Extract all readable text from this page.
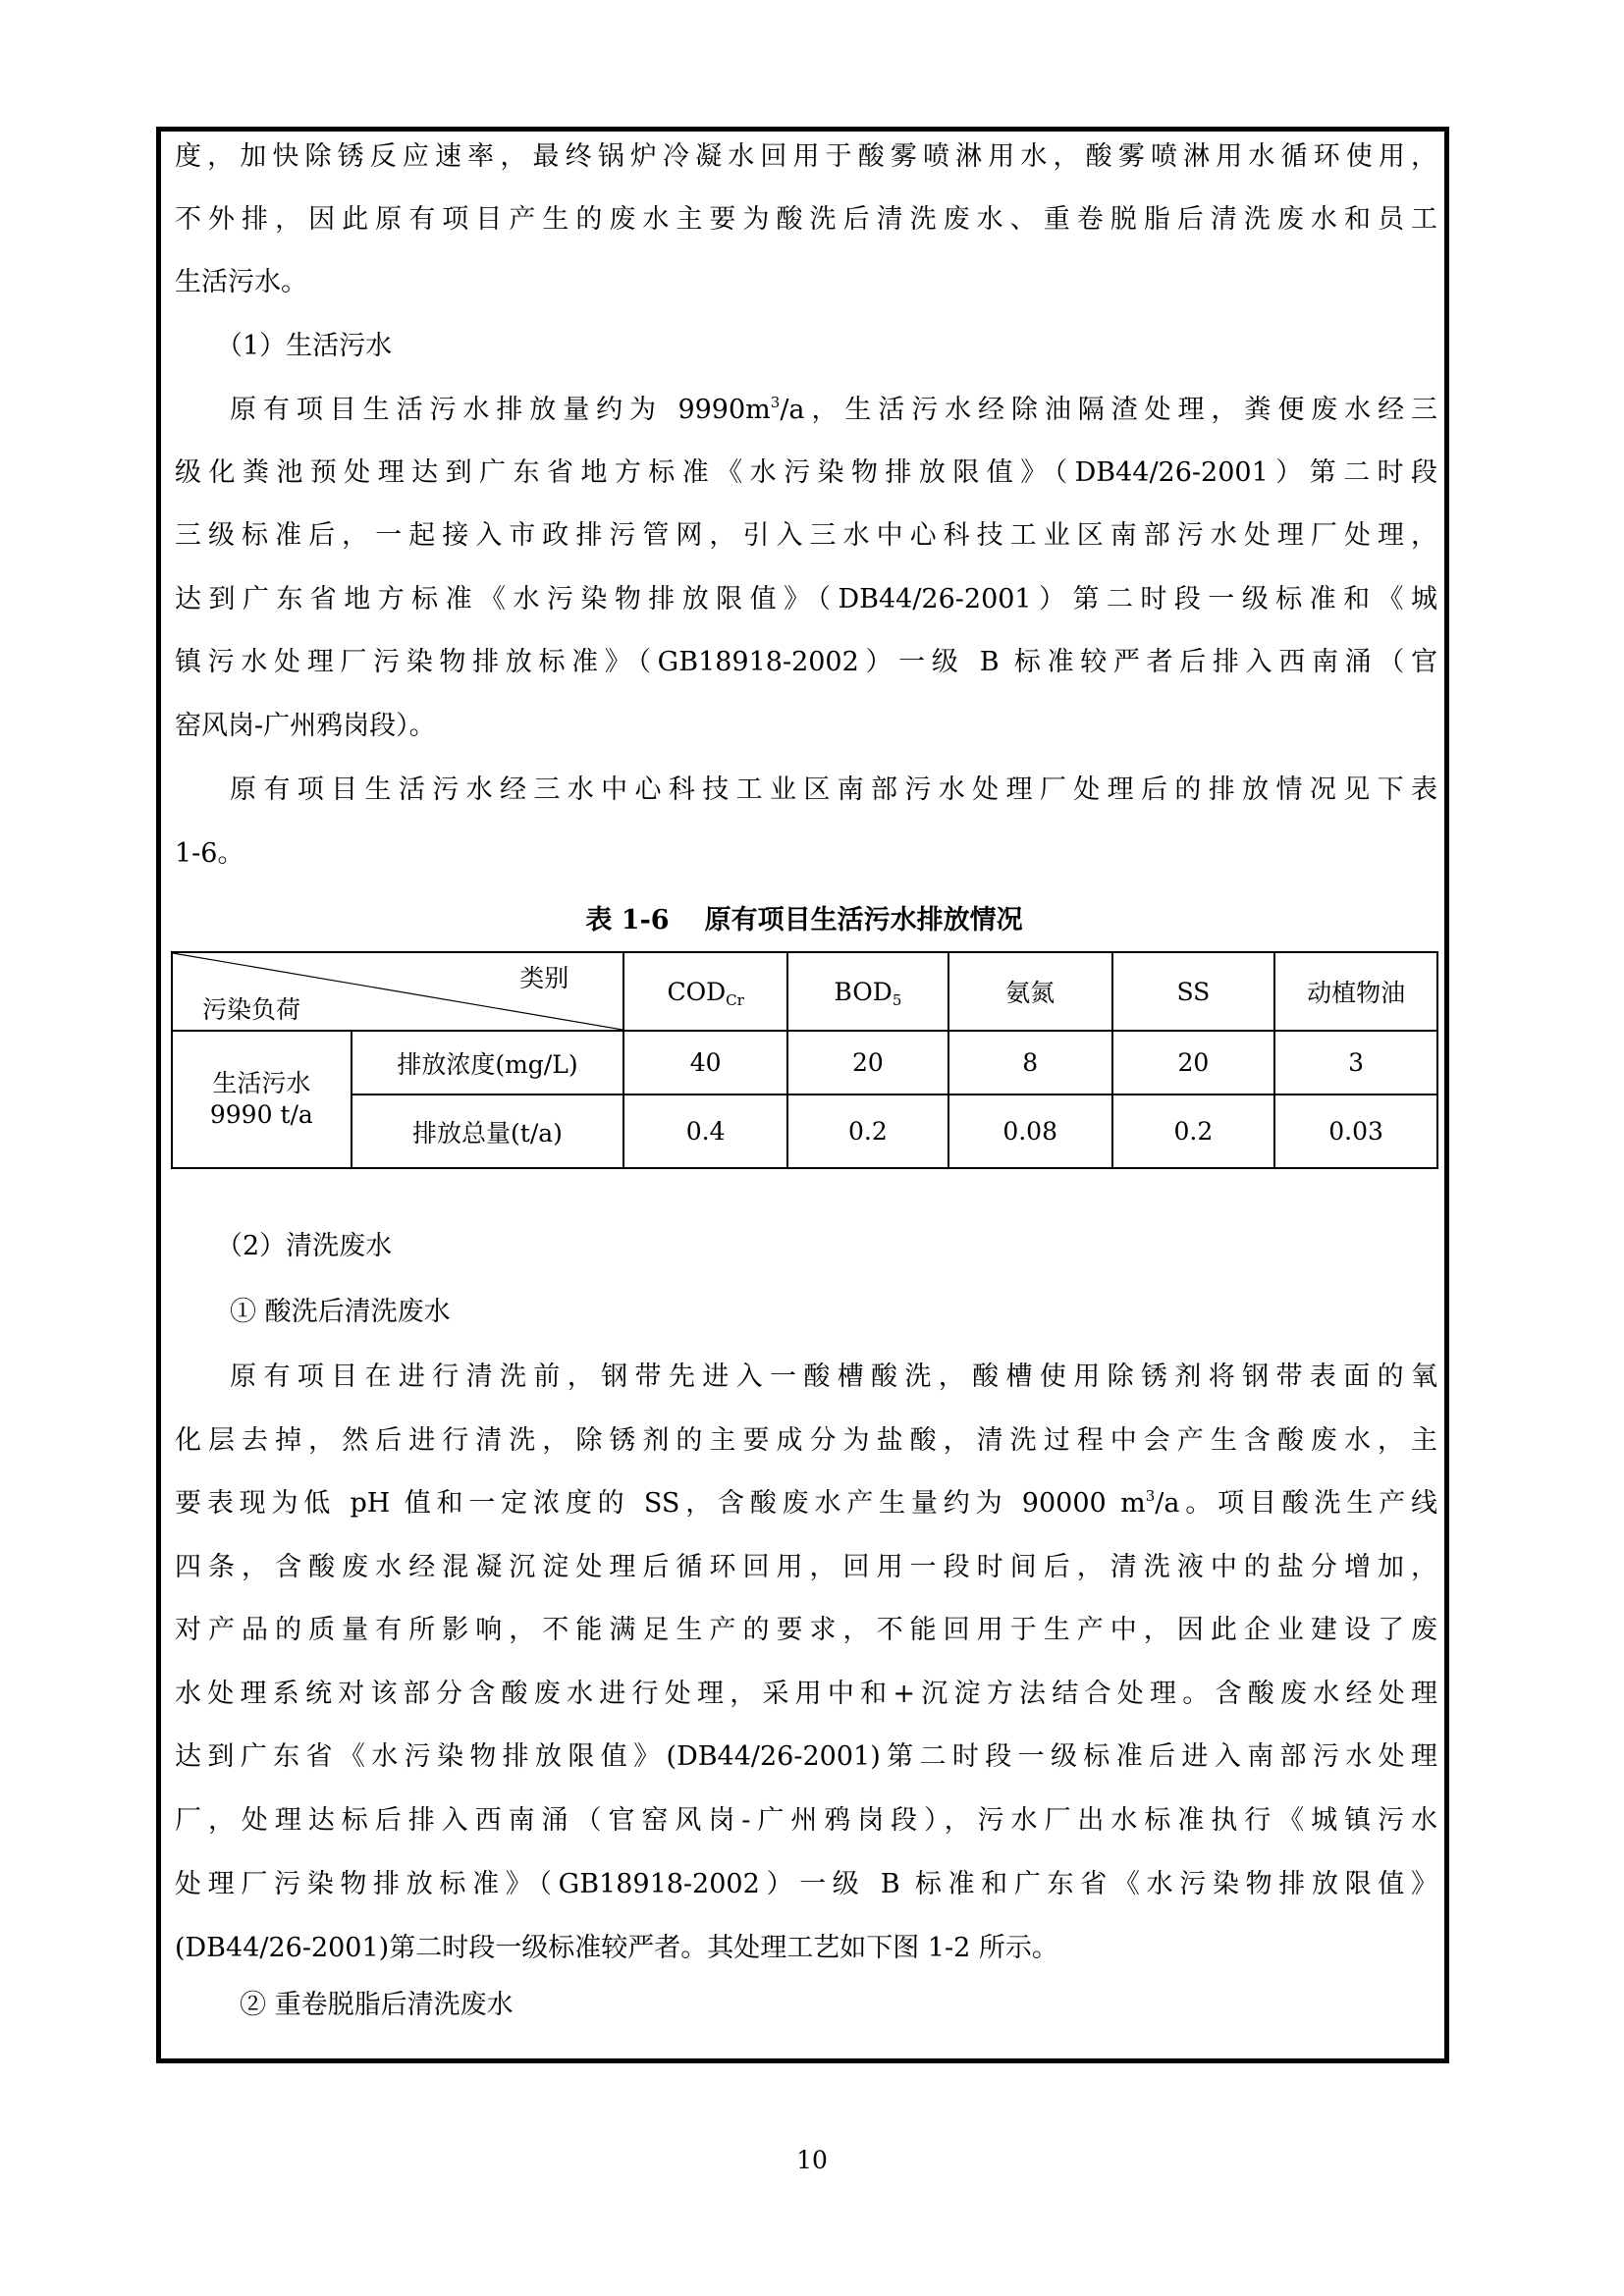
度，加快除锈反应速率，最终锅炉冷凝水回用于酸雾喷淋用水，酸雾喷淋用水循环使用，
不外排，因此原有项目产生的废水主要为酸洗后清洗废水、重卷脱脂后清洗废水和员工
生活污水。
（1）生活污水
原有项目生活污水排放量约为 $9990m^3/a$，生活污水经除油隔渣处理，粪便废水经三
级化粪池预处理达到广东省地方标准《水污染物排放限值》（DB44/26-2001）第二时段
三级标准后，一起接入市政排污管网，引入三水中心科技工业区南部污水处理厂处理，
达到广东省地方标准《水污染物排放限值》（DB44/26-2001）第二时段一级标准和《城
镇污水处理厂污染物排放标准》（GB18918-2002）一级 B 标准较严者后排入西南涌（官
窑风岗-广州鸦岗段）。
原有项目生活污水经三水中心科技工业区南部污水处理厂处理后的排放情况见下表
1-6。
表 1-6 原有项目生活污水排放情况
类别
污染负荷		$COD_{Cr}$	$BOD_5$	氨氮	SS	动植物油
生活污水
9990 t/a	排放浓度(mg/L)	40	20	8	20	3
	排放总量(t/a)	0.4	0.2	0.08	0.2	0.03
（2）清洗废水
① 酸洗后清洗废水
原有项目在进行清洗前，钢带先进入一酸槽酸洗，酸槽使用除锈剂将钢带表面的氧
化层去掉，然后进行清洗，除锈剂的主要成分为盐酸，清洗过程中会产生含酸废水，主
要表现为低 pH 值和一定浓度的 SS，含酸废水产生量约为 90000 $m^3/a$。项目酸洗生产线
四条，含酸废水经混凝沉淀处理后循环回用，回用一段时间后，清洗液中的盐分增加，
对产品的质量有所影响，不能满足生产的要求，不能回用于生产中，因此企业建设了废
水处理系统对该部分含酸废水进行处理，采用中和+沉淀方法结合处理。含酸废水经处理
达到广东省《水污染物排放限值》(DB44/26-2001)第二时段一级标准后进入南部污水处理
厂，处理达标后排入西南涌（官窑风岗-广州鸦岗段），污水厂出水标准执行《城镇污水
处理厂污染物排放标准》（GB18918-2002）一级 B 标准和广东省《水污染物排放限值》
(DB44/26-2001)第二时段一级标准较严者。其处理工艺如下图 1-2 所示。
② 重卷脱脂后清洗废水
10
